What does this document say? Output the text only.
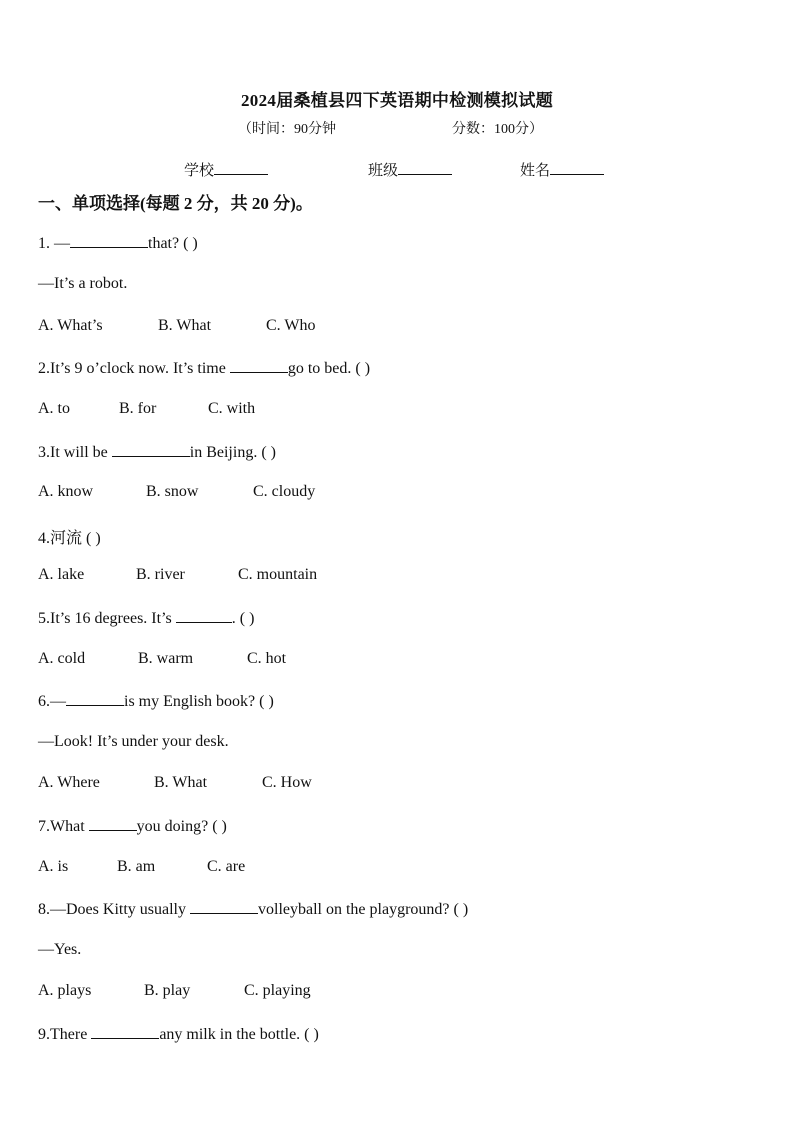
2024届桑植县四下英语期中检测模拟试题
（时间：90分钟	分数：100分）
学校	班级	姓名
一、单项选择(每题 2 分，共 20 分)。
1. —	that? ( )
—It’s a robot.
A. What’s	B. What	C. Who
2.It’s 9 o’clock now. It’s time	go to bed. ( )
A. to	B. for	C. with
3.It will be	in Beijing. ( )
A. know	B. snow	C. cloudy
4.河流 ( )
A. lake	B. river	C. mountain
5.It’s 16 degrees. It’s	. ( )
A. cold	B. warm	C. hot
6.—	is my English book? ( )
—Look! It’s under your desk.
A. Where	B. What	C. How
7.What	you doing? ( )
A. is	B. am	C. are
8.—Does Kitty usually	volleyball on the playground? ( )
—Yes.
A. plays	B. play	C. playing
9.There	any milk in the bottle. ( )
